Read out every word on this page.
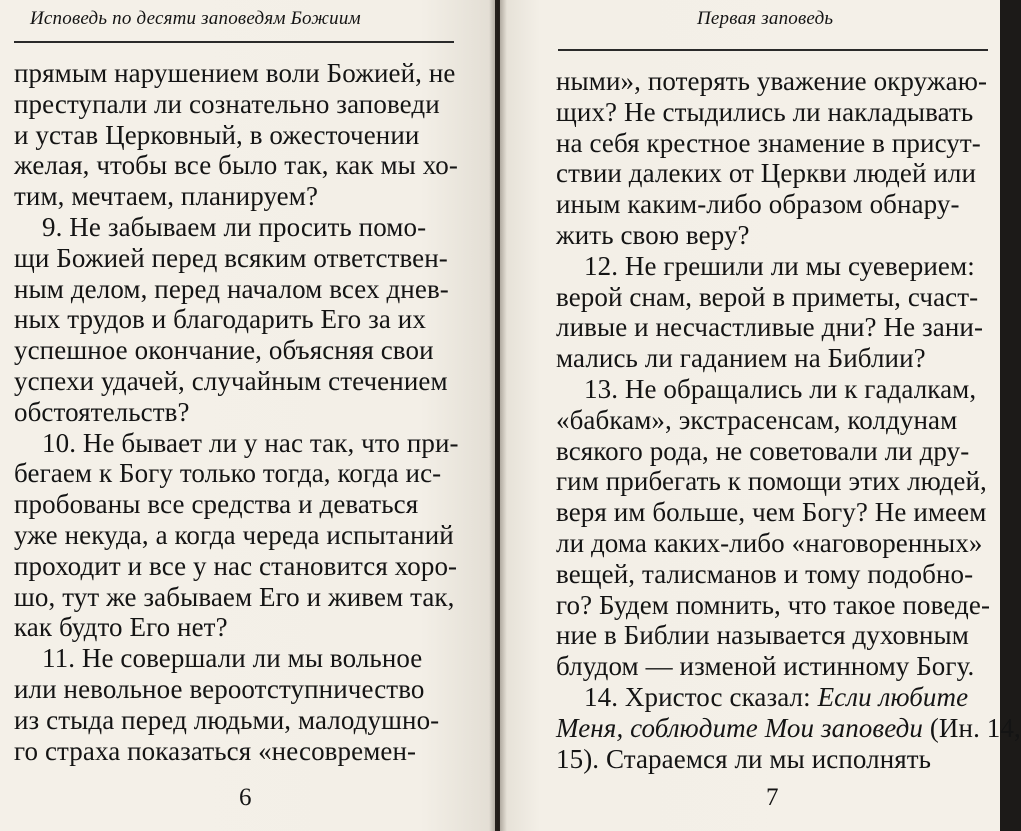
Исповедь по десяти заповедям Божиим
прямым нарушением воли Божией, не
преступали ли сознательно заповеди
и устав Церковный, в ожесточении
желая, чтобы все было так, как мы хо-
тим, мечтаем, планируем?
9. Не забываем ли просить помо-
щи Божией перед всяким ответствен-
ным делом, перед началом всех днев-
ных трудов и благодарить Его за их
успешное окончание, объясняя свои
успехи удачей, случайным стечением
обстоятельств?
10. Не бывает ли у нас так, что при-
бегаем к Богу только тогда, когда ис-
пробованы все средства и деваться
уже некуда, а когда череда испытаний
проходит и все у нас становится хоро-
шо, тут же забываем Его и живем так,
как будто Его нет?
11. Не совершали ли мы вольное
или невольное вероотступничество
из стыда перед людьми, малодушно-
го страха показаться «несовремен-
6
Первая заповедь
ными», потерять уважение окружаю-
щих? Не стыдились ли накладывать
на себя крестное знамение в присут-
ствии далеких от Церкви людей или
иным каким-либо образом обнару-
жить свою веру?
12. Не грешили ли мы суеверием:
верой снам, верой в приметы, счаст-
ливые и несчастливые дни? Не зани-
мались ли гаданием на Библии?
13. Не обращались ли к гадалкам,
«бабкам», экстрасенсам, колдунам
всякого рода, не советовали ли дру-
гим прибегать к помощи этих людей,
веря им больше, чем Богу? Не имеем
ли дома каких-либо «наговоренных»
вещей, талисманов и тому подобно-
го? Будем помнить, что такое поведе-
ние в Библии называется духовным
блудом — изменой истинному Богу.
14. Христос сказал: Если любите
Меня, соблюдите Мои заповеди (Ин. 14,
15). Стараемся ли мы исполнять
7
